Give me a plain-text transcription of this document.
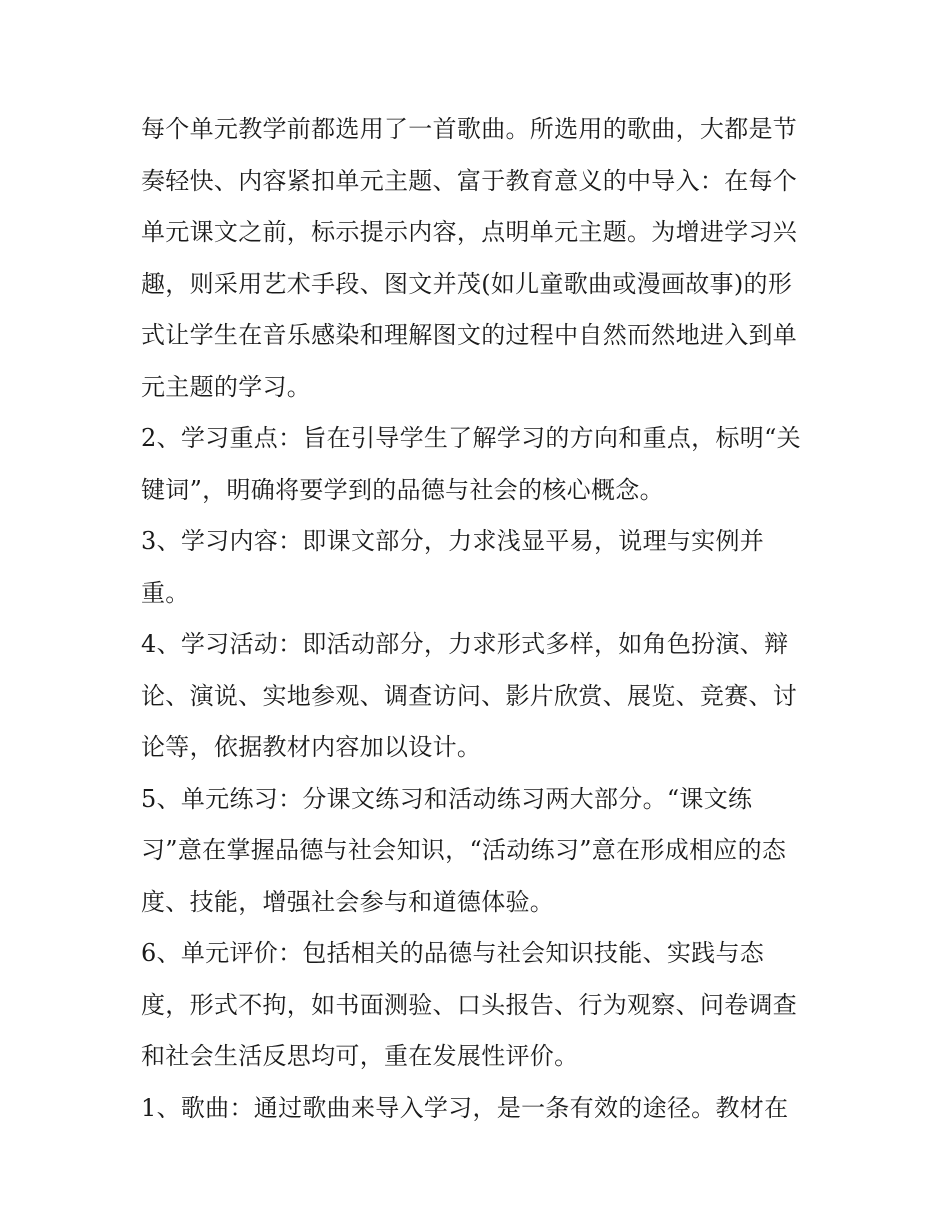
每个单元教学前都选用了一首歌曲。所选用的歌曲，大都是节
奏轻快、内容紧扣单元主题、富于教育意义的中导入：在每个
单元课文之前，标示提示内容，点明单元主题。为增进学习兴
趣，则采用艺术手段、图文并茂(如儿童歌曲或漫画故事)的形
式让学生在音乐感染和理解图文的过程中自然而然地进入到单
元主题的学习。
2、学习重点：旨在引导学生了解学习的方向和重点，标明“关
键词”，明确将要学到的品德与社会的核心概念。
3、学习内容：即课文部分，力求浅显平易，说理与实例并
重。
4、学习活动：即活动部分，力求形式多样，如角色扮演、辩
论、演说、实地参观、调查访问、影片欣赏、展览、竞赛、讨
论等，依据教材内容加以设计。
5、单元练习：分课文练习和活动练习两大部分。“课文练
习”意在掌握品德与社会知识，“活动练习”意在形成相应的态
度、技能，增强社会参与和道德体验。
6、单元评价：包括相关的品德与社会知识技能、实践与态
度，形式不拘，如书面测验、口头报告、行为观察、问卷调查
和社会生活反思均可，重在发展性评价。
1、歌曲：通过歌曲来导入学习，是一条有效的途径。教材在
